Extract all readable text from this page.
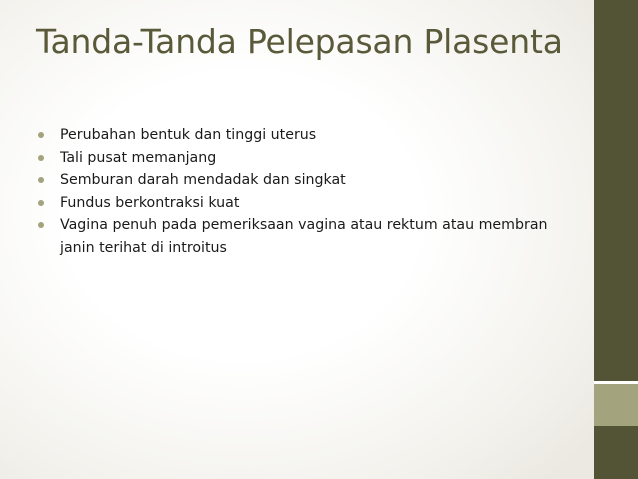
Tanda-Tanda Pelepasan Plasenta
Perubahan bentuk dan tinggi uterus
Tali pusat memanjang
Semburan darah mendadak dan singkat
Fundus berkontraksi kuat
Vagina penuh pada pemeriksaan vagina atau rektum atau membran janin terihat di introitus
